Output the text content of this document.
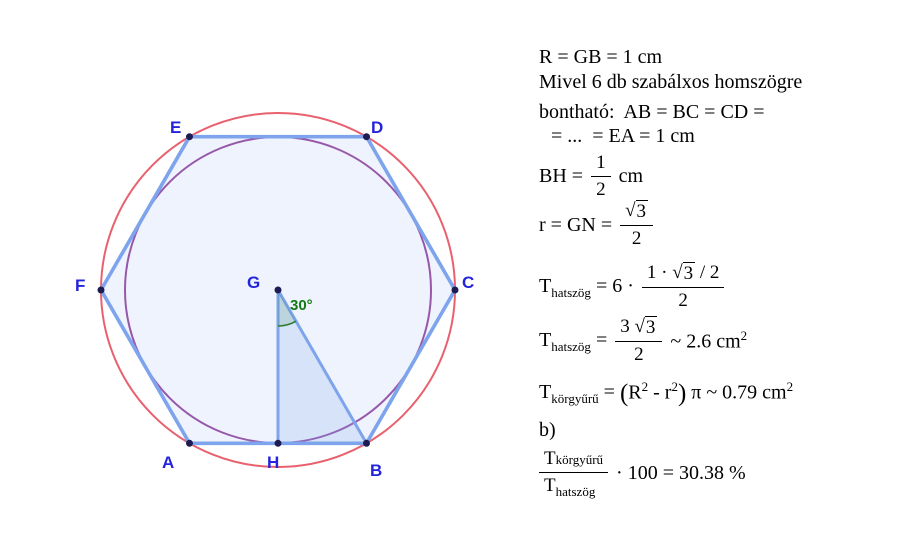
E	D
C
F	G
A	H	B
30°
R = GB = 1 cm
Mivel 6 db szabálxos homszögre
bontható:  AB = BC = CD =
= ...  = EA = 1 cm
BH = $\frac{1}{2}$ cm
r = GN = $\frac{√ 3}{2}$
$T_{hatszög} = 6 \cdot \frac{1 \cdot √ 3 / 2}{2}$
$T_{hatszög} = \frac{3 √ 3}{2}$ ~ 2.6 $cm^2$
$T_{körgyűrű} = (R^2 - r^2)$ π ~ 0.79 $cm^2$
b)
$\frac{\text{T körgyűrű}}{T_{hatszög}} \cdot 100 = 30.38$ %
